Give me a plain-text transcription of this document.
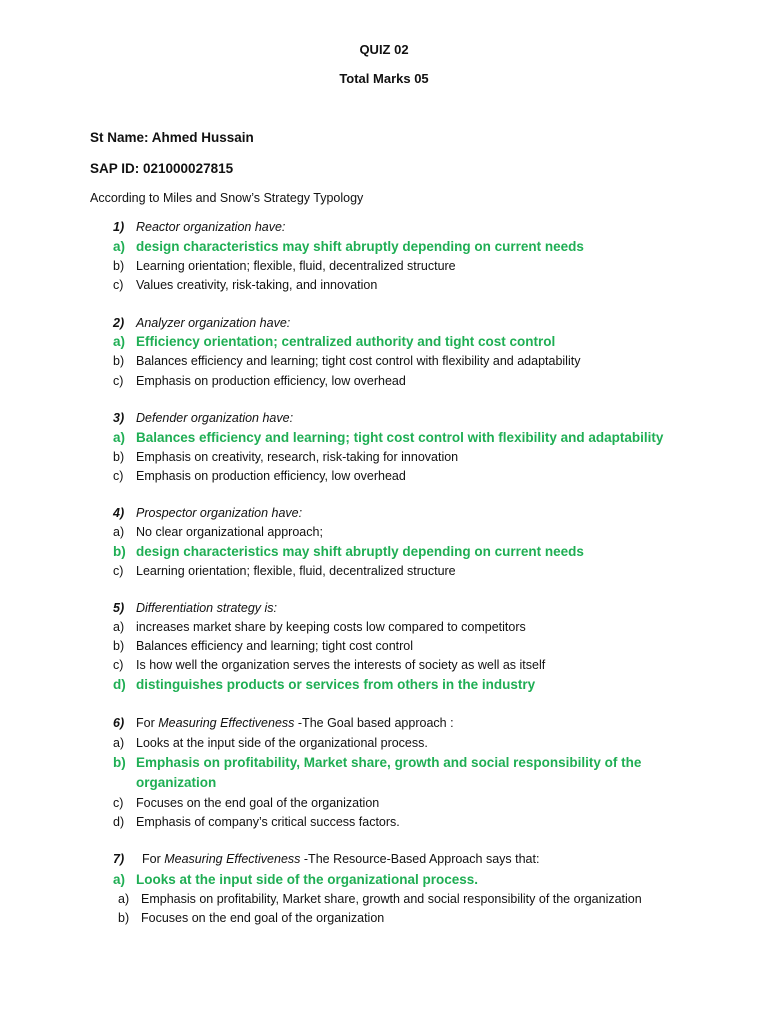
QUIZ 02
Total Marks 05
St Name: Ahmed Hussain
SAP ID: 021000027815
According to Miles and Snow’s Strategy Typology
1) Reactor organization have:
a) design characteristics may shift abruptly depending on current needs
b) Learning orientation; flexible, fluid, decentralized structure
c) Values creativity, risk-taking, and innovation
2) Analyzer organization have:
a) Efficiency orientation; centralized authority and tight cost control
b) Balances efficiency and learning; tight cost control with flexibility and adaptability
c) Emphasis on production efficiency, low overhead
3) Defender organization have:
a) Balances efficiency and learning; tight cost control with flexibility and adaptability
b) Emphasis on creativity, research, risk-taking for innovation
c) Emphasis on production efficiency, low overhead
4) Prospector organization have:
a) No clear organizational approach;
b) design characteristics may shift abruptly depending on current needs
c) Learning orientation; flexible, fluid, decentralized structure
5) Differentiation strategy is:
a) increases market share by keeping costs low compared to competitors
b) Balances efficiency and learning; tight cost control
c) Is how well the organization serves the interests of society as well as itself
d) distinguishes products or services from others in the industry
6) For Measuring Effectiveness -The Goal based approach :
a) Looks at the input side of the organizational process.
b) Emphasis on profitability, Market share, growth and social responsibility of the
organization
c) Focuses on the end goal of the organization
d) Emphasis of company’s critical success factors.
7) For Measuring Effectiveness -The Resource-Based Approach says that:
a) Looks at the input side of the organizational process.
a) Emphasis on profitability, Market share, growth and social responsibility of the organization
b) Focuses on the end goal of the organization
